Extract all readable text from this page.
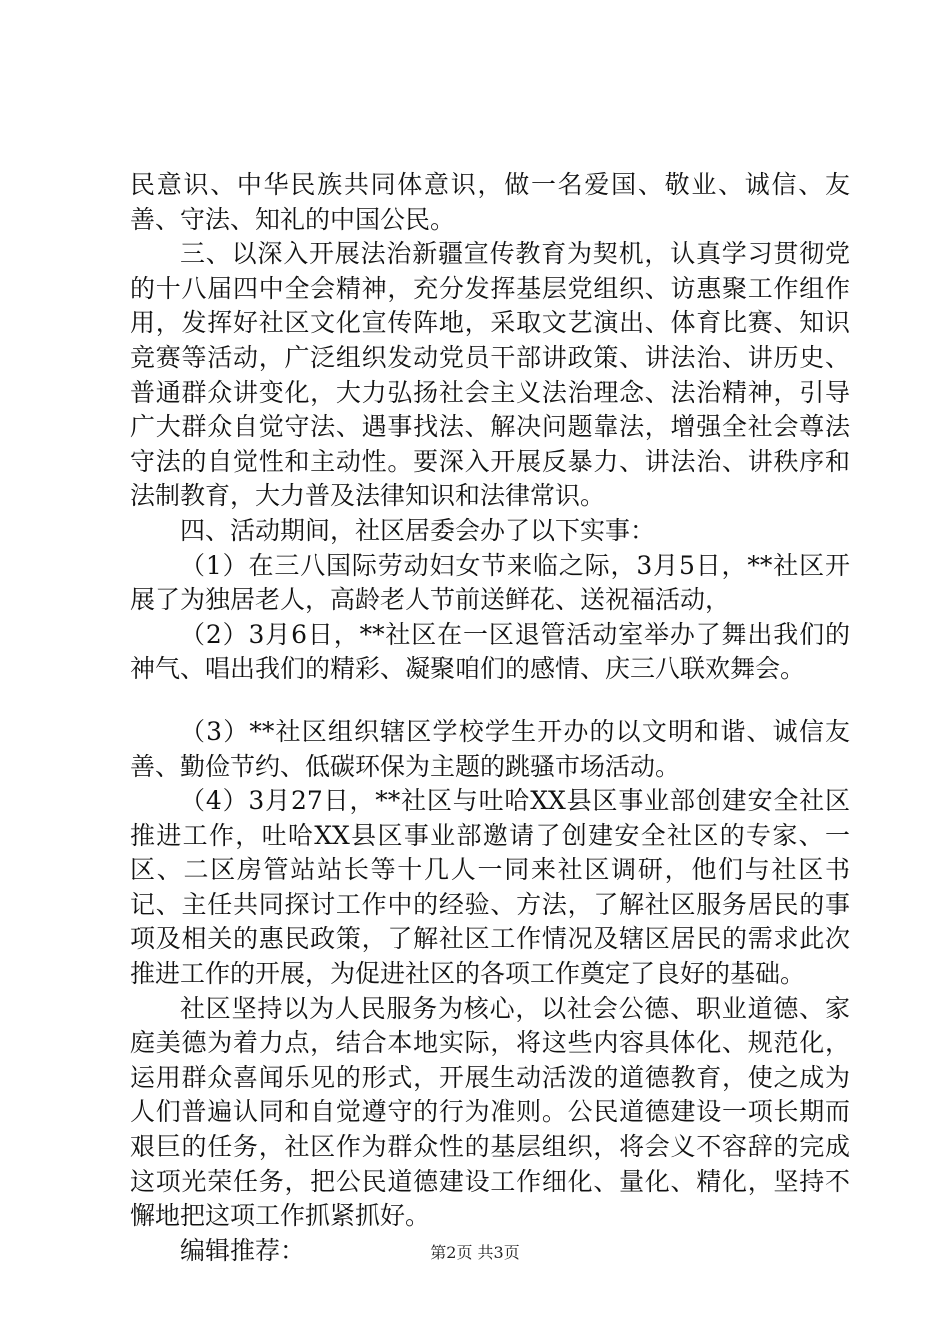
民意识、中华民族共同体意识，做一名爱国、敬业、诚信、友善、守法、知礼的中国公民。

三、以深入开展法治新疆宣传教育为契机，认真学习贯彻党的十八届四中全会精神，充分发挥基层党组织、访惠聚工作组作用，发挥好社区文化宣传阵地，采取文艺演出、体育比赛、知识竞赛等活动，广泛组织发动党员干部讲政策、讲法治、讲历史、普通群众讲变化，大力弘扬社会主义法治理念、法治精神，引导广大群众自觉守法、遇事找法、解决问题靠法，增强全社会尊法守法的自觉性和主动性。要深入开展反暴力、讲法治、讲秩序和法制教育，大力普及法律知识和法律常识。

四、活动期间，社区居委会办了以下实事：

（1）在三八国际劳动妇女节来临之际，3月5日，**社区开展了为独居老人，高龄老人节前送鲜花、送祝福活动，

（2）3月6日，**社区在一区退管活动室举办了舞出我们的神气、唱出我们的精彩、凝聚咱们的感情、庆三八联欢舞会。

（3）**社区组织辖区学校学生开办的以文明和谐、诚信友善、勤俭节约、低碳环保为主题的跳骚市场活动。

（4）3月27日，**社区与吐哈XX县区事业部创建安全社区推进工作，吐哈XX县区事业部邀请了创建安全社区的专家、一区、二区房管站站长等十几人一同来社区调研，他们与社区书记、主任共同探讨工作中的经验、方法，了解社区服务居民的事项及相关的惠民政策，了解社区工作情况及辖区居民的需求此次推进工作的开展，为促进社区的各项工作奠定了良好的基础。

社区坚持以为人民服务为核心，以社会公德、职业道德、家庭美德为着力点，结合本地实际，将这些内容具体化、规范化，运用群众喜闻乐见的形式，开展生动活泼的道德教育，使之成为人们普遍认同和自觉遵守的行为准则。公民道德建设一项长期而艰巨的任务，社区作为群众性的基层组织，将会义不容辞的完成这项光荣任务，把公民道德建设工作细化、量化、精化，坚持不懈地把这项工作抓紧抓好。

编辑推荐：	第2页 共3页
